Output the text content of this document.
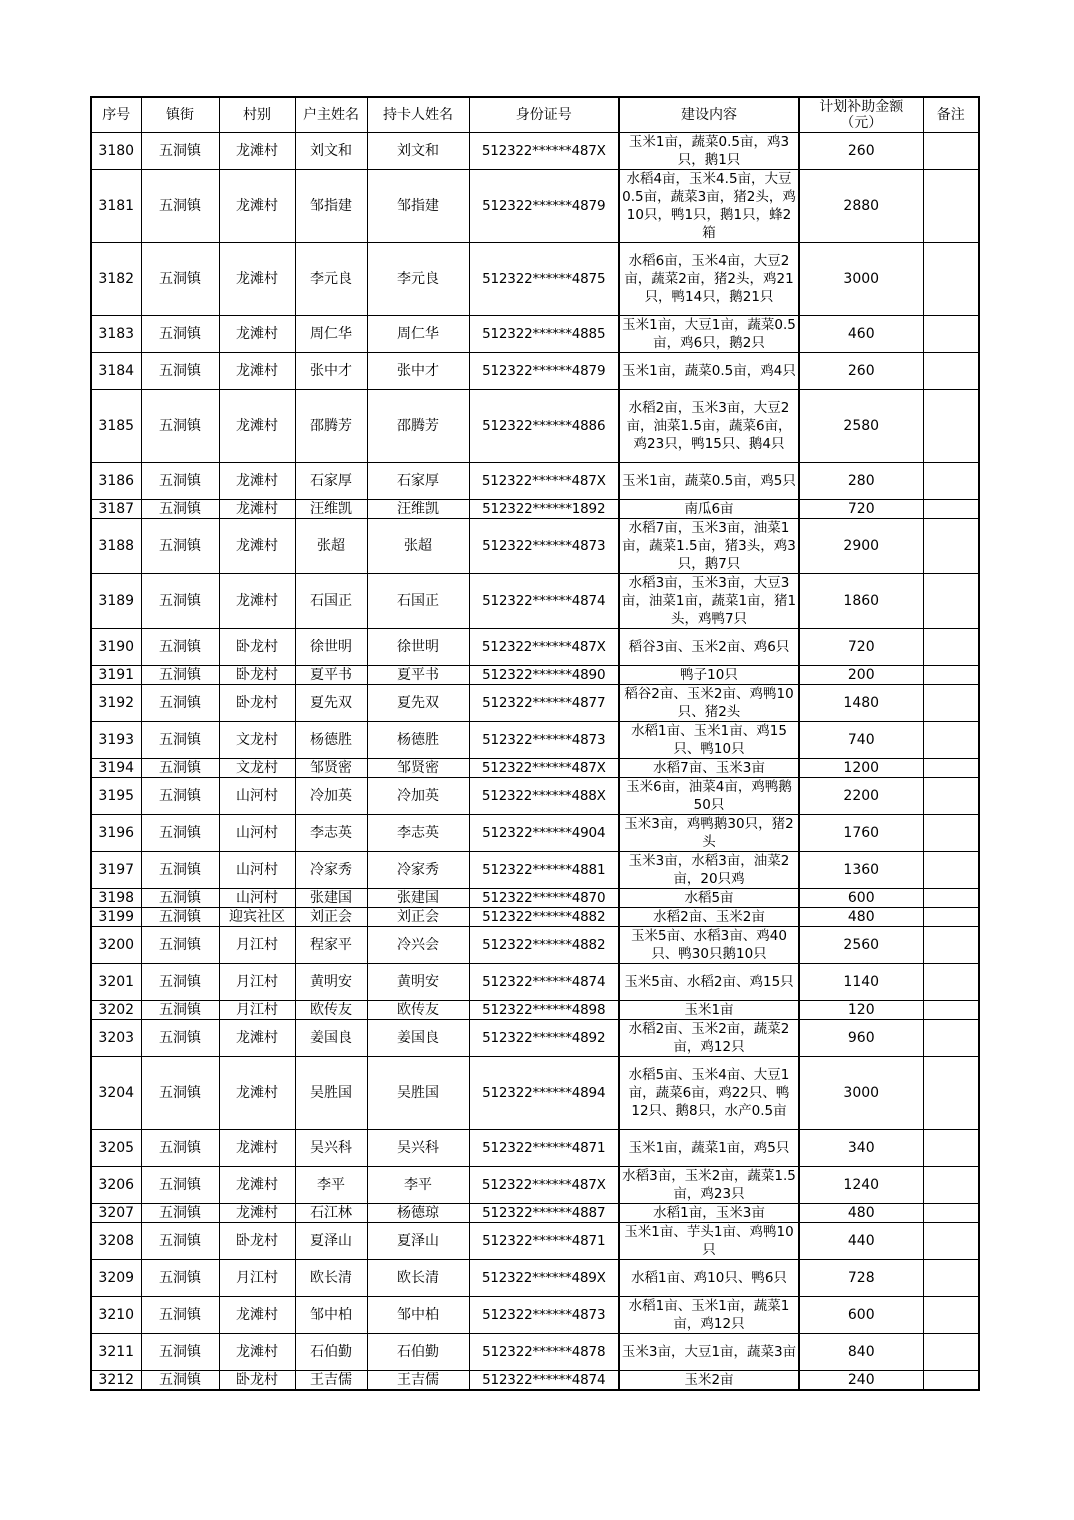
序号	镇街	村别	户主姓名	持卡人姓名	身份证号	建设内容	计划补助金额（元）	备注
3180	五洞镇	龙滩村	刘文和	刘文和	512322******487X	玉米1亩，蔬菜0.5亩，鸡3只，鹅1只	260	
3181	五洞镇	龙滩村	邹指建	邹指建	512322******4879	水稻4亩，玉米4.5亩，大豆0.5亩，蔬菜3亩，猪2头，鸡10只，鸭1只，鹅1只，蜂2箱	2880	
3182	五洞镇	龙滩村	李元良	李元良	512322******4875	水稻6亩，玉米4亩，大豆2亩，蔬菜2亩，猪2头，鸡21只，鸭14只，鹅21只	3000	
3183	五洞镇	龙滩村	周仁华	周仁华	512322******4885	玉米1亩，大豆1亩，蔬菜0.5亩，鸡6只，鹅2只	460	
3184	五洞镇	龙滩村	张中才	张中才	512322******4879	玉米1亩，蔬菜0.5亩，鸡4只	260	
3185	五洞镇	龙滩村	邵腾芳	邵腾芳	512322******4886	水稻2亩，玉米3亩，大豆2亩，油菜1.5亩，蔬菜6亩，鸡23只，鸭15只、鹅4只	2580	
3186	五洞镇	龙滩村	石家厚	石家厚	512322******487X	玉米1亩，蔬菜0.5亩，鸡5只	280	
3187	五洞镇	龙滩村	汪维凯	汪维凯	512322******1892	南瓜6亩	720	
3188	五洞镇	龙滩村	张超	张超	512322******4873	水稻7亩，玉米3亩，油菜1亩，蔬菜1.5亩，猪3头，鸡3只，鹅7只	2900	
3189	五洞镇	龙滩村	石国正	石国正	512322******4874	水稻3亩，玉米3亩，大豆3亩，油菜1亩，蔬菜1亩，猪1头，鸡鸭7只	1860	
3190	五洞镇	卧龙村	徐世明	徐世明	512322******487X	稻谷3亩、玉米2亩、鸡6只	720	
3191	五洞镇	卧龙村	夏平书	夏平书	512322******4890	鸭子10只	200	
3192	五洞镇	卧龙村	夏先双	夏先双	512322******4877	稻谷2亩、玉米2亩、鸡鸭10只、猪2头	1480	
3193	五洞镇	文龙村	杨德胜	杨德胜	512322******4873	水稻1亩、玉米1亩、鸡15只、鸭10只	740	
3194	五洞镇	文龙村	邹贤密	邹贤密	512322******487X	水稻7亩、玉米3亩	1200	
3195	五洞镇	山河村	冷加英	冷加英	512322******488X	玉米6亩，油菜4亩，鸡鸭鹅50只	2200	
3196	五洞镇	山河村	李志英	李志英	512322******4904	玉米3亩，鸡鸭鹅30只，猪2头	1760	
3197	五洞镇	山河村	冷家秀	冷家秀	512322******4881	玉米3亩，水稻3亩，油菜2亩，20只鸡	1360	
3198	五洞镇	山河村	张建国	张建国	512322******4870	水稻5亩	600	
3199	五洞镇	迎宾社区	刘正会	刘正会	512322******4882	水稻2亩、玉米2亩	480	
3200	五洞镇	月江村	程家平	冷兴会	512322******4882	玉米5亩、水稻3亩、鸡40只、鸭30只鹅10只	2560	
3201	五洞镇	月江村	黄明安	黄明安	512322******4874	玉米5亩、水稻2亩、鸡15只	1140	
3202	五洞镇	月江村	欧传友	欧传友	512322******4898	玉米1亩	120	
3203	五洞镇	龙滩村	姜国良	姜国良	512322******4892	水稻2亩、玉米2亩，蔬菜2亩，鸡12只	960	
3204	五洞镇	龙滩村	吴胜国	吴胜国	512322******4894	水稻5亩、玉米4亩、大豆1亩，蔬菜6亩，鸡22只、鸭12只、鹅8只，水产0.5亩	3000	
3205	五洞镇	龙滩村	吴兴科	吴兴科	512322******4871	玉米1亩，蔬菜1亩，鸡5只	340	
3206	五洞镇	龙滩村	李平	李平	512322******487X	水稻3亩，玉米2亩，蔬菜1.5亩，鸡23只	1240	
3207	五洞镇	龙滩村	石江林	杨德琼	512322******4887	水稻1亩，玉米3亩	480	
3208	五洞镇	卧龙村	夏泽山	夏泽山	512322******4871	玉米1亩、芋头1亩、鸡鸭10只	440	
3209	五洞镇	月江村	欧长清	欧长清	512322******489X	水稻1亩、鸡10只、鸭6只	728	
3210	五洞镇	龙滩村	邹中柏	邹中柏	512322******4873	水稻1亩、玉米1亩，蔬菜1亩，鸡12只	600	
3211	五洞镇	龙滩村	石伯勤	石伯勤	512322******4878	玉米3亩，大豆1亩，蔬菜3亩	840	
3212	五洞镇	卧龙村	王吉儒	王吉儒	512322******4874	玉米2亩	240	
